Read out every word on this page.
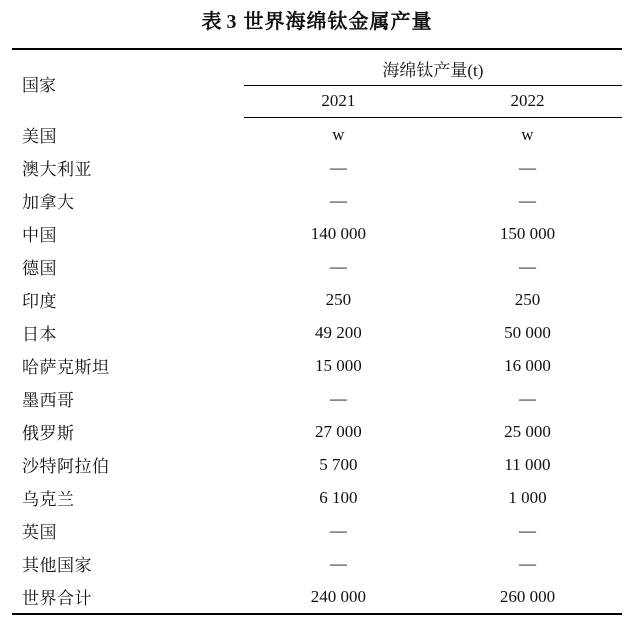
表 3 世界海绵钛金属产量
国家	海绵钛产量(t)	
	2021	2022
美国	w	w
澳大利亚	—	—
加拿大	—	—
中国	140 000	150 000
德国	—	—
印度	250	250
日本	49 200	50 000
哈萨克斯坦	15 000	16 000
墨西哥	—	—
俄罗斯	27 000	25 000
沙特阿拉伯	5 700	11 000
乌克兰	6 100	1 000
英国	—	—
其他国家	—	—
世界合计	240 000	260 000
